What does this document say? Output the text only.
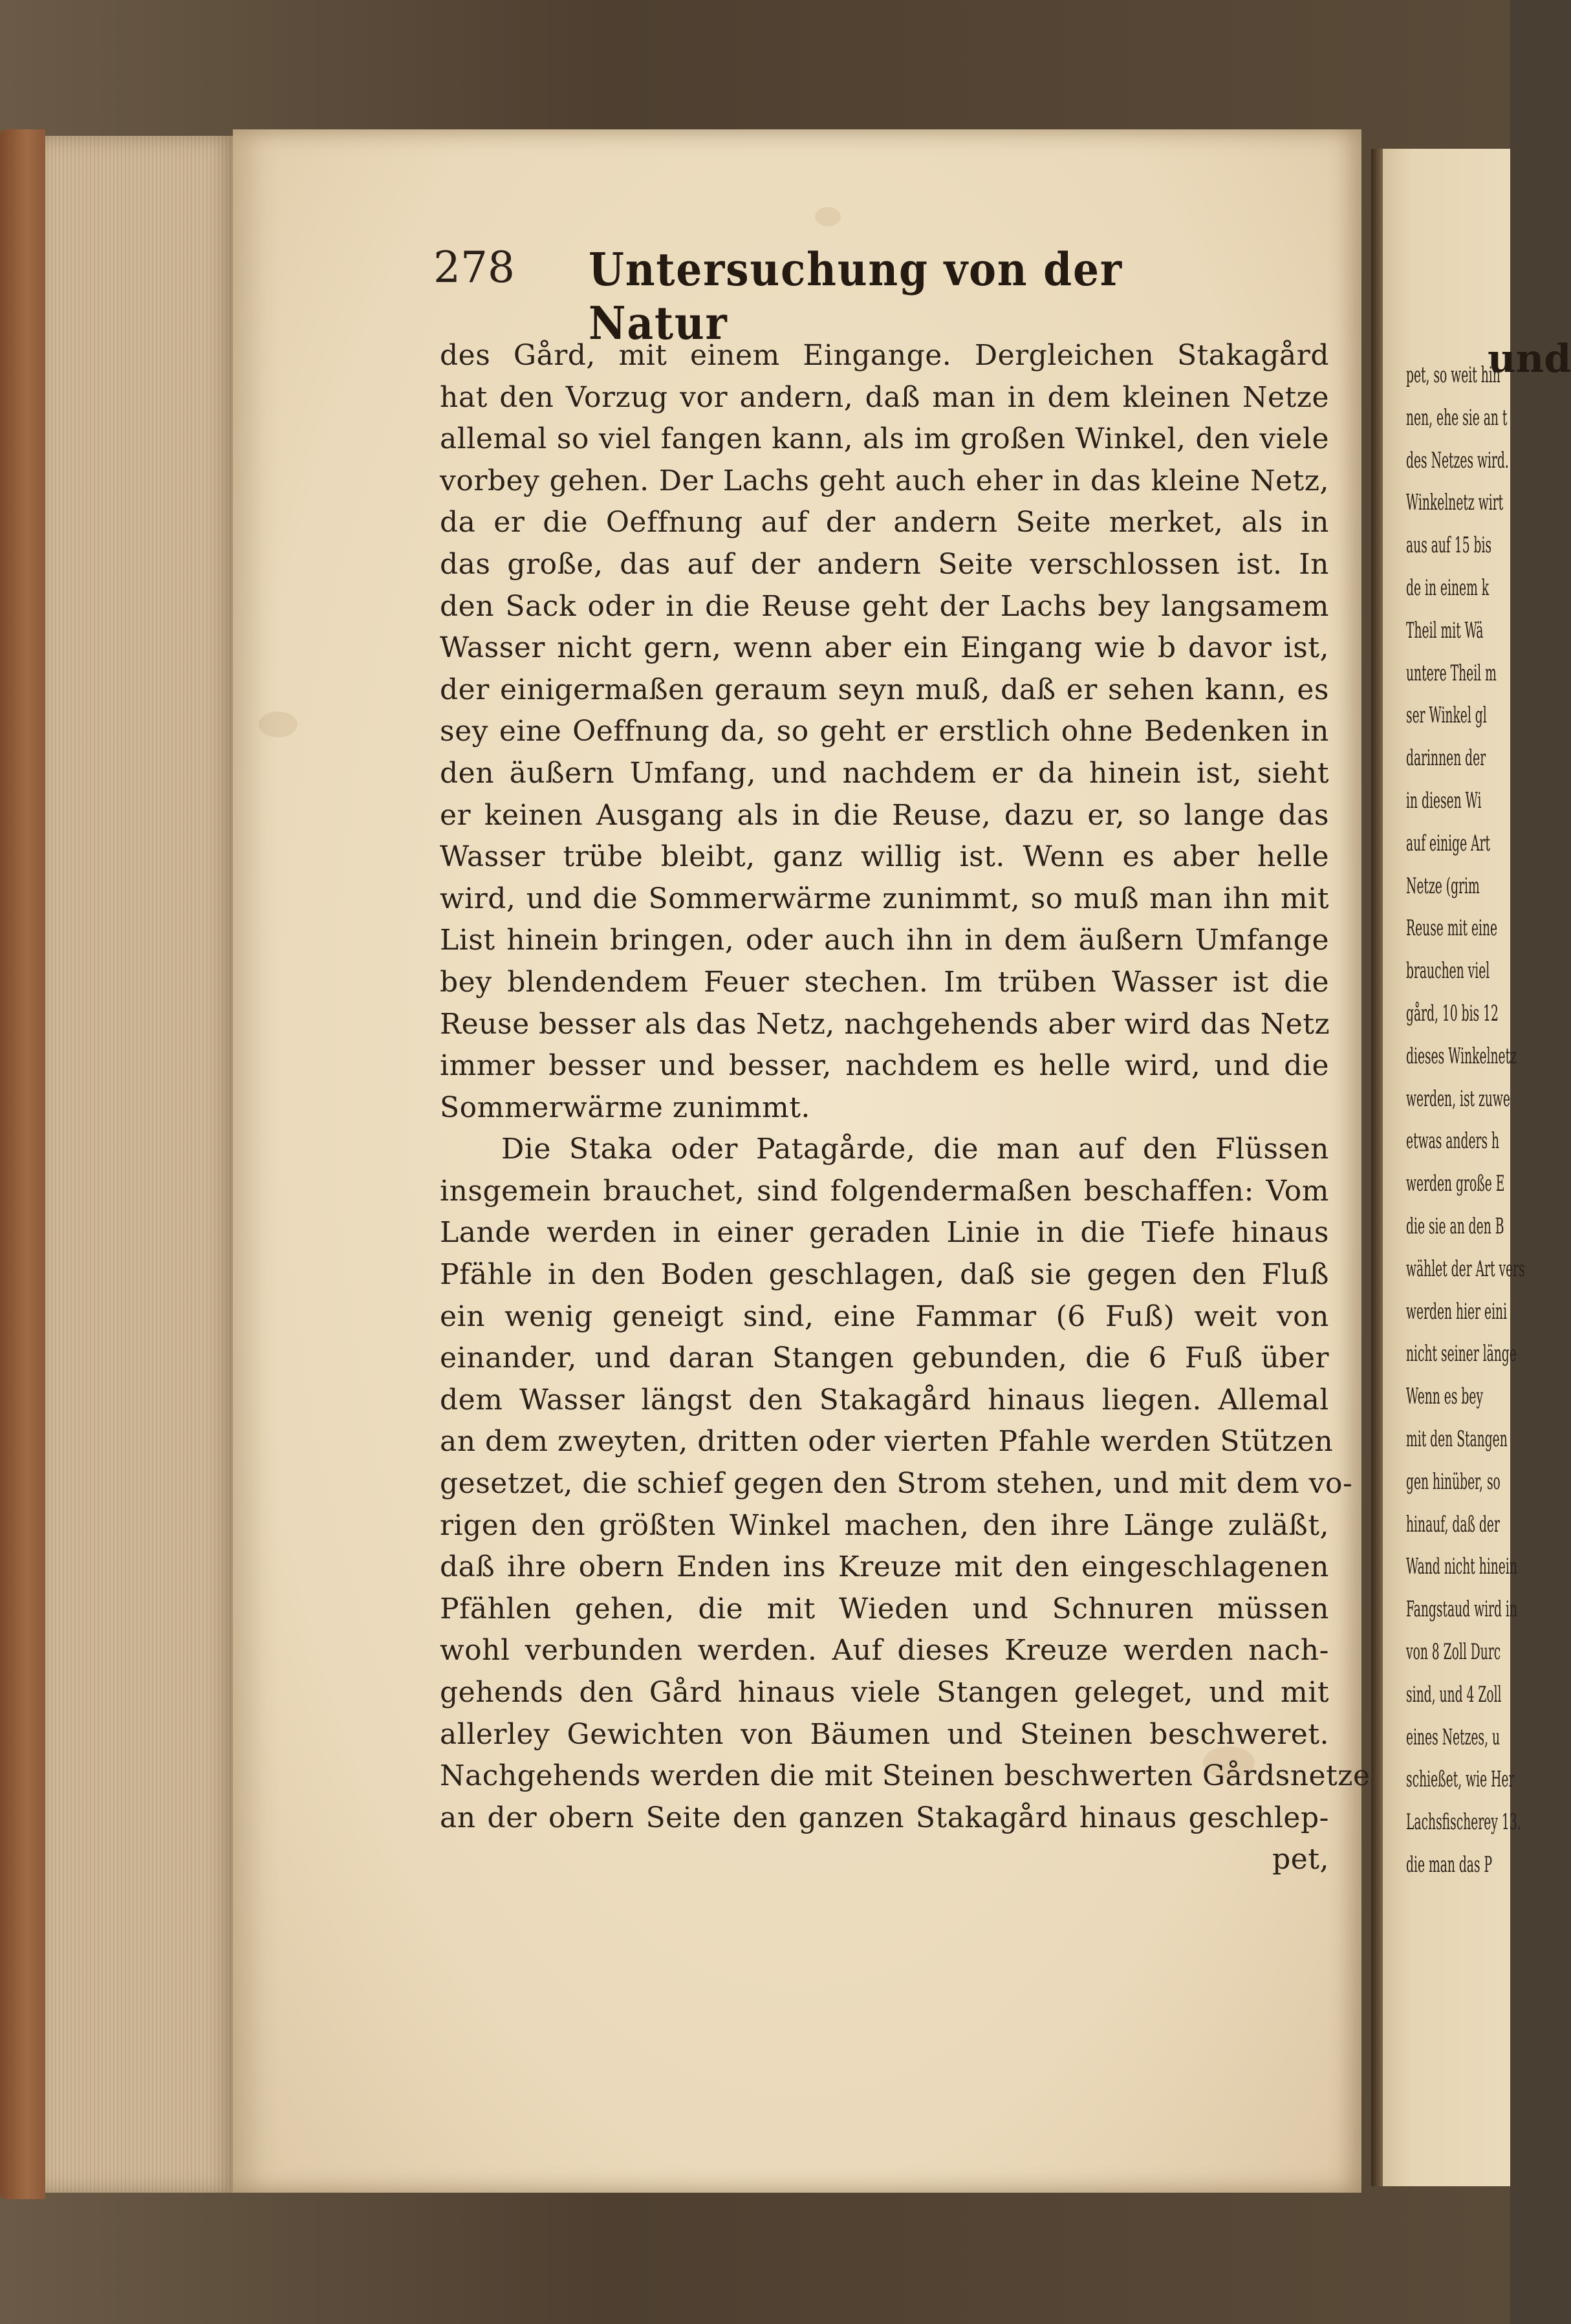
278 Untersuchung von der Natur
des Gård, mit einem Eingange. Dergleichen Stakagård
hat den Vorzug vor andern, daß man in dem kleinen Netze
allemal so viel fangen kann, als im großen Winkel, den viele
vorbey gehen. Der Lachs geht auch eher in das kleine Netz,
da er die Oeffnung auf der andern Seite merket, als in
das große, das auf der andern Seite verschlossen ist. In
den Sack oder in die Reuse geht der Lachs bey langsamem
Wasser nicht gern, wenn aber ein Eingang wie b davor ist,
der einigermaßen geraum seyn muß, daß er sehen kann, es
sey eine Oeffnung da, so geht er erstlich ohne Bedenken in
den äußern Umfang, und nachdem er da hinein ist, sieht
er keinen Ausgang als in die Reuse, dazu er, so lange das
Wasser trübe bleibt, ganz willig ist. Wenn es aber helle
wird, und die Sommerwärme zunimmt, so muß man ihn mit
List hinein bringen, oder auch ihn in dem äußern Umfange
bey blendendem Feuer stechen. Im trüben Wasser ist die
Reuse besser als das Netz, nachgehends aber wird das Netz
immer besser und besser, nachdem es helle wird, und die
Sommerwärme zunimmt.
Die Staka oder Patagårde, die man auf den Flüssen
insgemein brauchet, sind folgendermaßen beschaffen: Vom
Lande werden in einer geraden Linie in die Tiefe hinaus
Pfähle in den Boden geschlagen, daß sie gegen den Fluß
ein wenig geneigt sind, eine Fammar (6 Fuß) weit von
einander, und daran Stangen gebunden, die 6 Fuß über
dem Wasser längst den Stakagård hinaus liegen. Allemal
an dem zweyten, dritten oder vierten Pfahle werden Stützen
gesetzet, die schief gegen den Strom stehen, und mit dem vo-
rigen den größten Winkel machen, den ihre Länge zuläßt,
daß ihre obern Enden ins Kreuze mit den eingeschlagenen
Pfählen gehen, die mit Wieden und Schnuren müssen
wohl verbunden werden. Auf dieses Kreuze werden nach-
gehends den Gård hinaus viele Stangen geleget, und mit
allerley Gewichten von Bäumen und Steinen beschweret.
Nachgehends werden die mit Steinen beschwerten Gårdsnetze
an der obern Seite den ganzen Stakagård hinaus geschlep-
pet,
und
pet, so weit hin
nen, ehe sie an t
des Netzes wird.
Winkelnetz wirt
aus auf 15 bis
de in einem k
Theil mit Wä
untere Theil m
ser Winkel gl
darinnen der
in diesen Wi
auf einige Art
Netze (grim
Reuse mit eine
brauchen viel
gård, 10 bis 12
dieses Winkelnetz
werden, ist zuwe
etwas anders h
werden große E
die sie an den B
wählet der Art vers
werden hier eini
nicht seiner länge
Wenn es bey
mit den Stangen
gen hinüber, so
hinauf, daß der
Wand nicht hinein
Fangstaud wird in
von 8 Zoll Durc
sind, und 4 Zoll
eines Netzes, u
schießet, wie Her
Lachsfischerey 13.
die man das P
